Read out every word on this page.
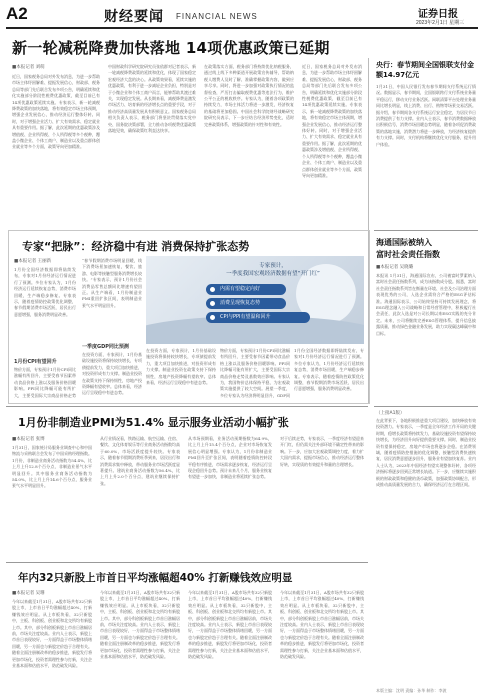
A2	财经要闻 FINANCIAL NEWS	证券日报
2023年2月1日 星期三
新一轮减税降费加快落地 14项优惠政策已延期
■本报记者 刘萌
近日，国家税务总局对外发布消息，为进一步帮助市场主体纾困解难、提振发展信心，财政部、税务总局等部门先后联合发布多项公告，明确延续和优化实施部分阶段性税费优惠政策，截至目前已有14项优惠政策延续实施。专家表示，新一轮减税降费政策的加快落地，将有效稳定市场主体预期，增强企业发展信心，推动经济运行整体好转。同时，对于增强企业活力、扩大有效需求、稳定就业具有重要作用。据了解，此次延期的优惠政策涉及增值税、企业所得税、个人所得税等多个税种，覆盖小微企业、个体工商户、制造业以及重点群体创业就业等多个方面，政策导向更加精准。
中国财政科学研究院研究员张依群对记者表示，新一轮减税降费政策的延续和优化，体现了国家稳定宏观经济大盘的决心。从政策效果看，延续实施的优惠政策，有利于进一步减轻企业负担，特别是对于小微企业和个体工商户而言，能够帮助其渡过难关，实现稳定发展。从长期来看，减税降费是激发市场活力、培育新的经济增长点的重要手段，对于推动经济高质量发展具有积极意义。国家税务总局相关负责人表示，税务部门将坚决贯彻落实党中央、国务院决策部署，全力推动各项税费优惠政策落地见效，确保政策红利直达快享。
在政策落实方面，税务部门将持续优化纳税服务，通过线上线下多种渠道开展政策宣传辅导，帮助纳税人缴费人及时了解、准确掌握政策内容，做到应享尽享。同时，将进一步加强对政策执行情况的监督检查，严厉打击骗取税费优惠等违法行为，维护公平公正的税收秩序。专家认为，随着各项政策的持续发力，市场主体活力将进一步激发，经济恢复的基础将更加稳固。中国社会科学院财经战略研究院研究员表示，下一步应结合经济形势变化，适时完善政策体系，增强政策的针对性和有效性。
近日，国家税务总局对外发布消息，为进一步帮助市场主体纾困解难、提振发展信心，财政部、税务总局等部门先后联合发布多项公告，明确延续和优化实施部分阶段性税费优惠政策，截至目前已有14项优惠政策延续实施。专家表示，新一轮减税降费政策的加快落地，将有效稳定市场主体预期，增强企业发展信心，推动经济运行整体好转。同时，对于增强企业活力、扩大有效需求、稳定就业具有重要作用。据了解，此次延期的优惠政策涉及增值税、企业所得税、个人所得税等多个税种，覆盖小微企业、个体工商户、制造业以及重点群体创业就业等多个方面，政策导向更加精准。
央行：春节期间全国银联支付金额14.97亿元
1月31日，中国人民银行发布春节期间支付系统运行情况。数据显示，春节期间，全国银联跨行支付系统业务量平稳运行，移动支付业务活跃。网联清算平台处理业务量同比增长明显，线上消费、出行、购物等场景交易活跃。据介绍，春节期间各支付系统运行安全稳定，为居民节日消费提供了有力支撑。业内人士表示，春节消费数据释放出积极信号，消费市场回暖态势明显，随着各项促消费政策的落地实施，消费潜力将进一步释放，为经济恢复提供有力支撑。同时，支付机构将继续优化支付服务，提升用户体验。
海通国际被纳入
富时社会责任指数
■本报记者 吴晓璐
本报讯 1月31日，海通国际宣布，公司被富时罗素纳入富时社会责任指数系列，成为该指数成分股。据悉，富时社会责任指数系列旨在衡量在环境、社会及公司治理方面表现优秀的公司，入选企业需符合严格的ESG评估标准。海通国际表示，公司始终坚持可持续发展理念，将ESG理念融入公司战略和日常经营管理中，积极履行社会责任，此次入选是对公司长期以来ESG实践的充分肯定。未来，公司将继续完善ESG管理体系，提升信息披露质量，推动绿色金融业务发展，助力实现碳达峰碳中和目标。
专家“把脉”：经济稳中有进 消费保持扩张态势
■本报记者 王丽新
1月份全国经济数据即将陆续发布，专家对1月份经济运行情况进行了预测。多位专家认为，1月份经济运行延续恢复态势，消费市场回暖，生产端稳步修复。专家表示，随着疫情防控政策优化调整，春节假期消费市场活跃，居民出行意愿增强，服务消费明显改善。
1月份CPI有望回升
物价方面，专家预计1月份CPI同比涨幅有所回升，主要受春节因素带动食品价格上涨以及服务价格回暖影响。PPI同比降幅可能有所扩大，主要受国际大宗商品价格走势
“春节假期消费市场明显回暖，线下消费场景加速恢复，餐饮、旅游、电影等接触型服务消费增长较快。”专家表示，预计1月份社会消费品零售总额同比增速有望回正。从生产端看，1月份制造业PMI重回扩张区间，表明制造业景气水平明显回升。
一季度GDP同比预测
在投资方面，专家预计，1月份基础设施投资将保持较快增长，专项债提前发力，重大项目加快推进，对投资形成有力支撑。制造业投资在政策支持下保持韧性，房地产投资降幅有望收窄。总体来看，经济运行呈现稳中有进态势。
专家预计，
一季度我国宏观经济数据有望“开门红”
内需有望稳定向好
消费呈现恢复态势
CPI与PPI有望温和回升
在投资方面，专家预计，1月份基础设施投资将保持较快增长，专项债提前发力，重大项目加快推进，对投资形成有力支撑。制造业投资在政策支持下保持韧性，房地产投资降幅有望收窄。总体来看，经济运行呈现稳中有进态势。
物价方面，专家预计1月份CPI同比涨幅有所回升，主要受春节因素带动食品价格上涨以及服务价格回暖影响。PPI同比降幅可能有所扩大，主要受国际大宗商品价格走势及基数效应影响。专家认为，我国物价总体保持平稳，为宏观政策实施提供了较大空间。展望一季度，多位专家认为经济将明显回升，GDP同
1月份全国经济数据即将陆续发布，专家对1月份经济运行情况进行了预测。多位专家认为，1月份经济运行延续恢复态势，消费市场回暖，生产端稳步修复。专家表示，随着疫情防控政策优化调整，春节假期消费市场活跃，居民出行意愿增强，服务消费明显改善。
1月份非制造业PMI为51.4% 显示服务业活动小幅扩张
■本报记者 张博
1月31日，国家统计局服务业调查中心和中国物流与采购联合会发布了中国采购经理指数。1月份，非制造业商务活动指数为54.4%，比上月上升12.8个百分点，非制造业景气水平明显回升。其中服务业商务活动指数为54.0%，比上月上升14.6个百分点，服务业景气水平明显回升。
从行业情况看，铁路运输、航空运输、住宿、餐饮、文化体育娱乐等行业商务活动指数均高于60.0%，市场活跃度提升较快。专家表示，随着春节假期消费旺季到来，居民出行和消费需求集中释放，带动服务业市场活跃度显著提升。建筑业商务活动指数为56.4%，比上月上升2.0个百分点，建筑业继续保持扩张。
从市场预期看，业务活动预期指数为64.9%，比上月上升15.4个百分点，企业对市场恢复发展信心明显增强。专家认为，1月份非制造业PMI回升至扩张区间，表明随着疫情防控转段平稳有序推进，市场需求逐步恢复，经济运行呈现企稳回升态势。预计未来几个月，服务业恢复有望进一步加快，非制造业将延续扩张态势。
对于后续走势，专家表示，一季度经济有望迎来开门红，但仍需关注外部环境不确定性带来的影响。下一步，应加大宏观政策调控力度，着力扩大国内需求，提振市场信心，推动经济运行整体好转，实现质的有效提升和量的合理增长。
（上接A1版）
在此背景下，各地积极推进重大项目建设，加快释放有效投资潜力。专家表示，一季度是全年经济工作开局的关键时期，稳增长政策将持续发力，基础设施投资有望保持较快增长，为经济回升向好提供重要支撑。同时，制造业投资有望保持稳定，房地产市场也将逐步企稳。在消费领域，随着疫情防控措施的优化调整，接触型消费快速恢复，居民消费意愿逐步回升，服务业有望加快复苏。业内人士认为，2023年中国经济有望实现整体好转，各项经济指标将逐步回到正常增长轨道。下一步，应继续实施积极的财政政策和稳健的货币政策，加强政策协调配合，形成推动高质量发展的合力，确保经济运行在合理区间。
年内32只新股上市首日平均涨幅超40% 打新赚钱效应明显
■本报记者 吴珊
今年以来截至1月31日，A股市场共有32只新股上市，上市首日平均涨幅超过40%，打新赚钱效应明显。从上市板块看，32只新股中，主板、科创板、创业板和北交所均有新股上市。其中，部分科创板新股上市首日涨幅居前，市场关注度较高。业内人士表示，新股上市首日表现较好，一方面得益于市场整体情绪回暖，另一方面也与新股定价趋于合理有关。随着全面注册制改革的稳步推进，新股发行将更加市场化，投资者需理性参与打新，关注企业基本面和估值水平，防范破发风险。
今年以来截至1月31日，A股市场共有32只新股上市，上市首日平均涨幅超过40%，打新赚钱效应明显。从上市板块看，32只新股中，主板、科创板、创业板和北交所均有新股上市。其中，部分科创板新股上市首日涨幅居前，市场关注度较高。业内人士表示，新股上市首日表现较好，一方面得益于市场整体情绪回暖，另一方面也与新股定价趋于合理有关。随着全面注册制改革的稳步推进，新股发行将更加市场化，投资者需理性参与打新，关注企业基本面和估值水平，防范破发风险。
今年以来截至1月31日，A股市场共有32只新股上市，上市首日平均涨幅超过40%，打新赚钱效应明显。从上市板块看，32只新股中，主板、科创板、创业板和北交所均有新股上市。其中，部分科创板新股上市首日涨幅居前，市场关注度较高。业内人士表示，新股上市首日表现较好，一方面得益于市场整体情绪回暖，另一方面也与新股定价趋于合理有关。随着全面注册制改革的稳步推进，新股发行将更加市场化，投资者需理性参与打新，关注企业基本面和估值水平，防范破发风险。
今年以来截至1月31日，A股市场共有32只新股上市，上市首日平均涨幅超过40%，打新赚钱效应明显。从上市板块看，32只新股中，主板、科创板、创业板和北交所均有新股上市。其中，部分科创板新股上市首日涨幅居前，市场关注度较高。业内人士表示，新股上市首日表现较好，一方面得益于市场整体情绪回暖，另一方面也与新股定价趋于合理有关。随着全面注册制改革的稳步推进，新股发行将更加市场化，投资者需理性参与打新，关注企业基本面和估值水平，防范破发风险。
本版主编：沈明 责编：孙华 制作：李波
